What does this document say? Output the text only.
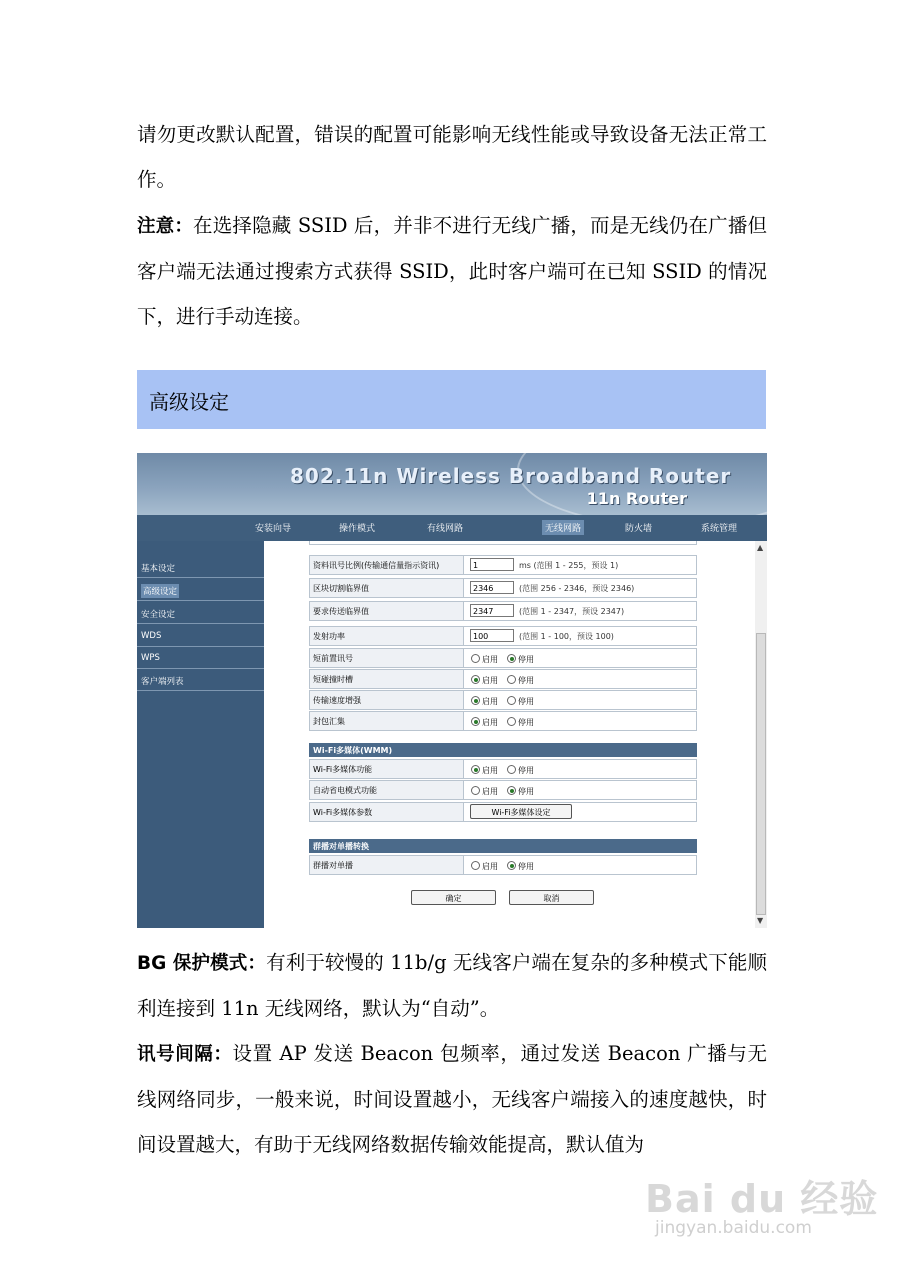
请勿更改默认配置，错误的配置可能影响无线性能或导致设备无法正常工作。

注意：在选择隐藏 SSID 后，并非不进行无线广播，而是无线仍在广播但客户端无法通过搜索方式获得 SSID，此时客户端可在已知 SSID 的情况下，进行手动连接。

高级设定
802.11n Wireless Broadband Router
11n Router
安装向导	操作模式	有线网路	无线网路	防火墙	系统管理
基本设定
高级设定
安全设定
WDS
WPS
客户端列表
资料讯号比例(传输通信量指示资讯)	1	ms (范围 1 - 255，预设 1)
区块切割临界值	2346	(范围 256 - 2346，预设 2346)
要求传送临界值	2347	(范围 1 - 2347，预设 2347)
发射功率	100	(范围 1 - 100，预设 100)
短前置讯号	启用	停用
短碰撞时槽	启用	停用
传输速度增强	启用	停用
封包汇集	启用	停用
Wi-Fi多媒体(WMM)
Wi-Fi多媒体功能	启用	停用
自动省电模式功能	启用	停用
Wi-Fi多媒体参数	Wi-Fi多媒体设定
群播对单播转换
群播对单播	启用	停用
确定	取消
▲
▼

BG 保护模式：有利于较慢的 11b/g 无线客户端在复杂的多种模式下能顺利连接到 11n 无线网络，默认为“自动”。

讯号间隔：设置 AP 发送 Beacon 包频率，通过发送 Beacon 广播与无线网络同步，一般来说，时间设置越小，无线客户端接入的速度越快，时间设置越大，有助于无线网络数据传输效能提高，默认值为

Bai du 经验
jingyan.baidu.com
